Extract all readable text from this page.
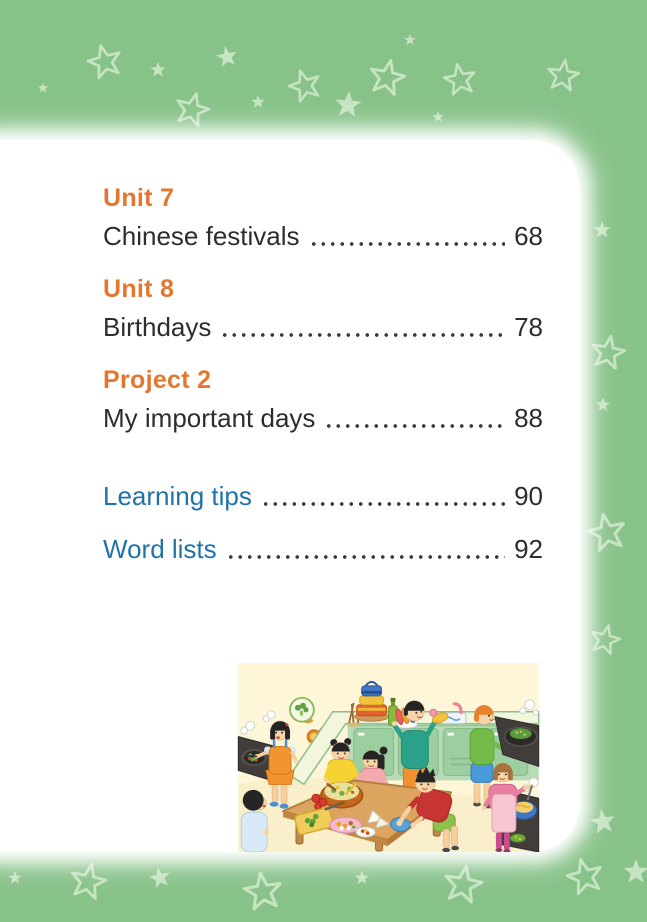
Unit 7
Chinese festivals	68
Unit 8
Birthdays	78
Project 2
My important days	88
Learning tips	90
Word lists	92
